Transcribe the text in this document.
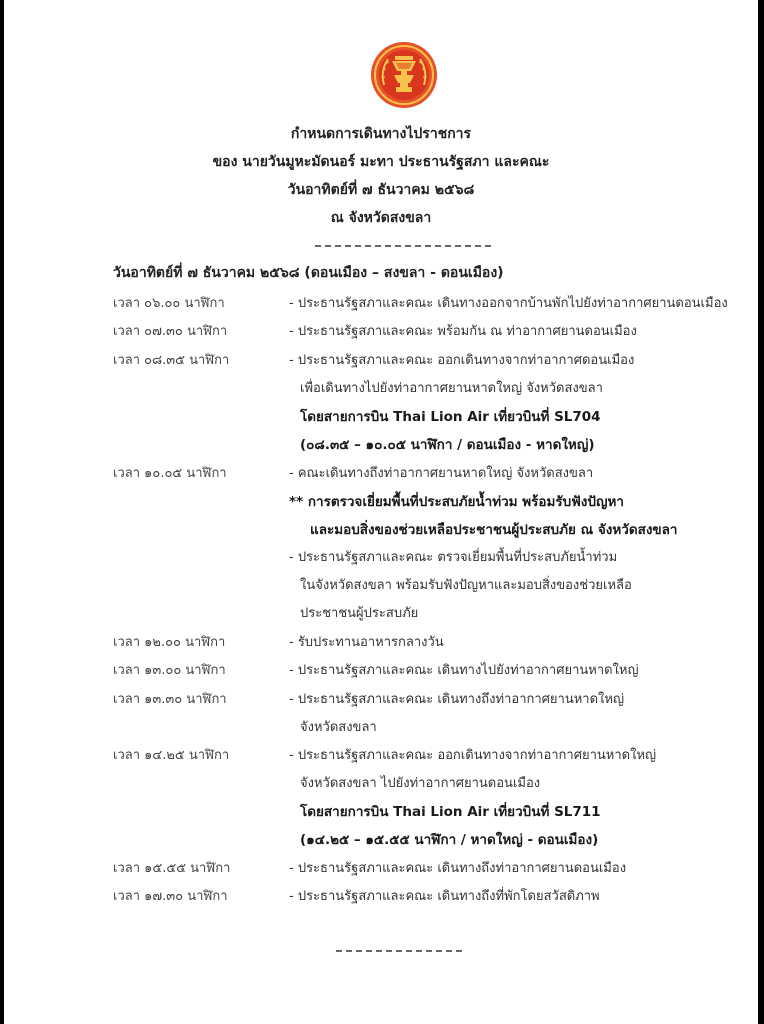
กำหนดการเดินทางไปราชการ
ของ นายวันมูหะมัดนอร์ มะทา ประธานรัฐสภา และคณะ
วันอาทิตย์ที่ ๗ ธันวาคม ๒๕๖๘
ณ จังหวัดสงขลา
วันอาทิตย์ที่ ๗ ธันวาคม ๒๕๖๘ (ดอนเมือง – สงขลา - ดอนเมือง)
เวลา ๐๖.๐๐ นาฬิกา	- ประธานรัฐสภาและคณะ เดินทางออกจากบ้านพักไปยังท่าอากาศยานดอนเมือง
เวลา ๐๗.๓๐ นาฬิกา	- ประธานรัฐสภาและคณะ พร้อมกัน ณ ท่าอากาศยานดอนเมือง
เวลา ๐๘.๓๕ นาฬิกา	- ประธานรัฐสภาและคณะ ออกเดินทางจากท่าอากาศดอนเมือง
เพื่อเดินทางไปยังท่าอากาศยานหาดใหญ่ จังหวัดสงขลา
โดยสายการบิน Thai Lion Air เที่ยวบินที่ SL704
(๐๘.๓๕ – ๑๐.๐๕ นาฬิกา / ดอนเมือง - หาดใหญ่)
เวลา ๑๐.๐๕ นาฬิกา	- คณะเดินทางถึงท่าอากาศยานหาดใหญ่ จังหวัดสงขลา
** การตรวจเยี่ยมพื้นที่ประสบภัยน้ำท่วม พร้อมรับฟังปัญหา
และมอบสิ่งของช่วยเหลือประชาชนผู้ประสบภัย ณ จังหวัดสงขลา
- ประธานรัฐสภาและคณะ ตรวจเยี่ยมพื้นที่ประสบภัยน้ำท่วม
ในจังหวัดสงขลา พร้อมรับฟังปัญหาและมอบสิ่งของช่วยเหลือ
ประชาชนผู้ประสบภัย
เวลา ๑๒.๐๐ นาฬิกา	- รับประทานอาหารกลางวัน
เวลา ๑๓.๐๐ นาฬิกา	- ประธานรัฐสภาและคณะ เดินทางไปยังท่าอากาศยานหาดใหญ่
เวลา ๑๓.๓๐ นาฬิกา	- ประธานรัฐสภาและคณะ เดินทางถึงท่าอากาศยานหาดใหญ่
จังหวัดสงขลา
เวลา ๑๔.๒๕ นาฬิกา	- ประธานรัฐสภาและคณะ ออกเดินทางจากท่าอากาศยานหาดใหญ่
จังหวัดสงขลา ไปยังท่าอากาศยานดอนเมือง
โดยสายการบิน Thai Lion Air เที่ยวบินที่ SL711
(๑๔.๒๕ – ๑๕.๕๕ นาฬิกา / หาดใหญ่ - ดอนเมือง)
เวลา ๑๕.๕๕ นาฬิกา	- ประธานรัฐสภาและคณะ เดินทางถึงท่าอากาศยานดอนเมือง
เวลา ๑๗.๓๐ นาฬิกา	- ประธานรัฐสภาและคณะ เดินทางถึงที่พักโดยสวัสดิภาพ
